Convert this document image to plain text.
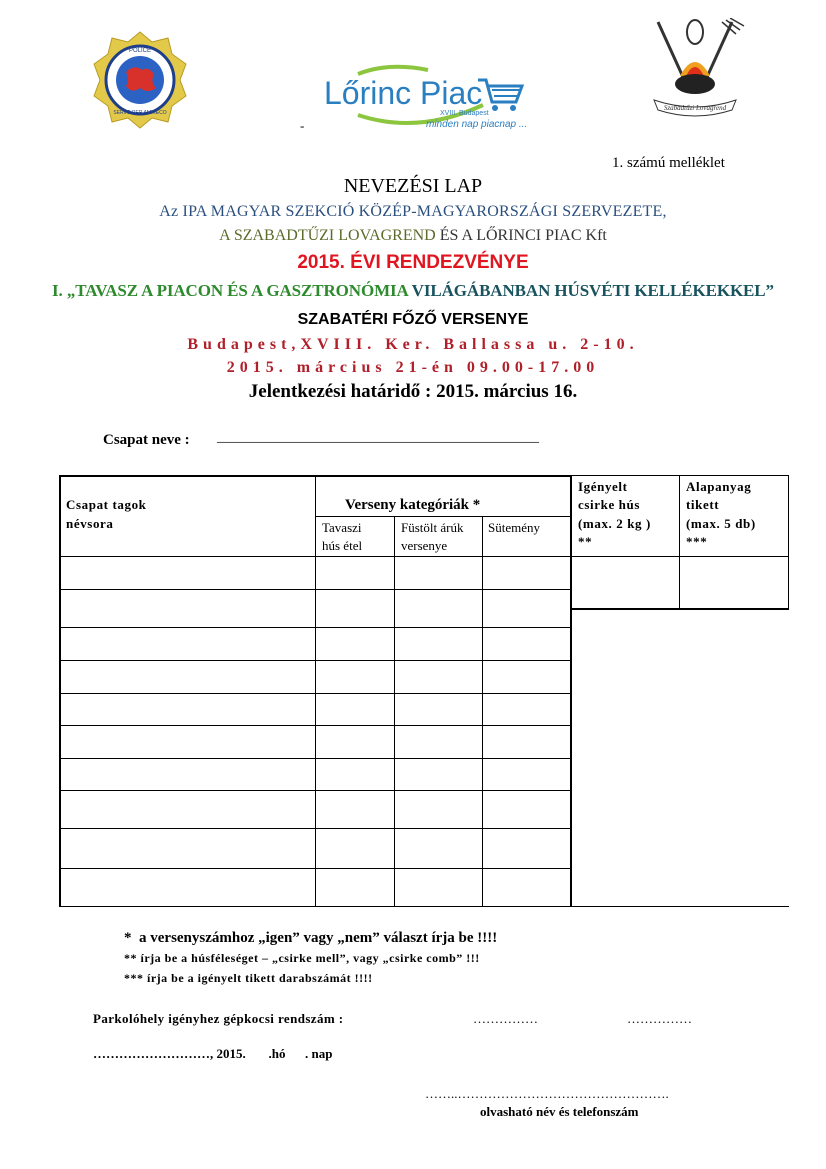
POLICE
SERVO PER AMIKECO
Lőrinc Piac
XVIII. Budapest
minden nap piacnap ...
Szabadtűzi Lovagrend
-
1. számú melléklet
NEVEZÉSI LAP
Az IPA MAGYAR SZEKCIÓ KÖZÉP-MAGYARORSZÁGI SZERVEZETE,
A SZABADTŰZI LOVAGREND ÉS A LŐRINCI PIAC Kft
2015. ÉVI RENDEZVÉNYE
I. „TAVASZ A PIACON ÉS A GASZTRONÓMIA VILÁGÁBANBAN HÚSVÉTI KELLÉKEKKEL”
SZABATÉRI FŐZŐ VERSENYE
Budapest,XVIII. Ker. Ballassa u. 2-10.
2015. március 21-én 09.00-17.00
Jelentkezési határidő : 2015. március 16.
Csapat neve : ______________________________________________
Csapat tagok
névsora
Verseny kategóriák *
Tavaszi
hús étel
Füstölt árúk
versenye
Sütemény
Igényelt
csirke hús
(max. 2 kg )
**
Alapanyag
tikett
(max. 5 db)
***
* a versenyszámhoz „igen” vagy „nem” választ írja be !!!!
** írja be a húsféleséget – „csirke mell”, vagy „csirke comb” !!!
*** írja be a igényelt tikett darabszámát !!!!
Parkolóhely igényhez gépkocsi rendszám :	……………	……………
………………………, 2015.       .hó      . nap
……..………………………………………….
olvasható név és telefonszám
